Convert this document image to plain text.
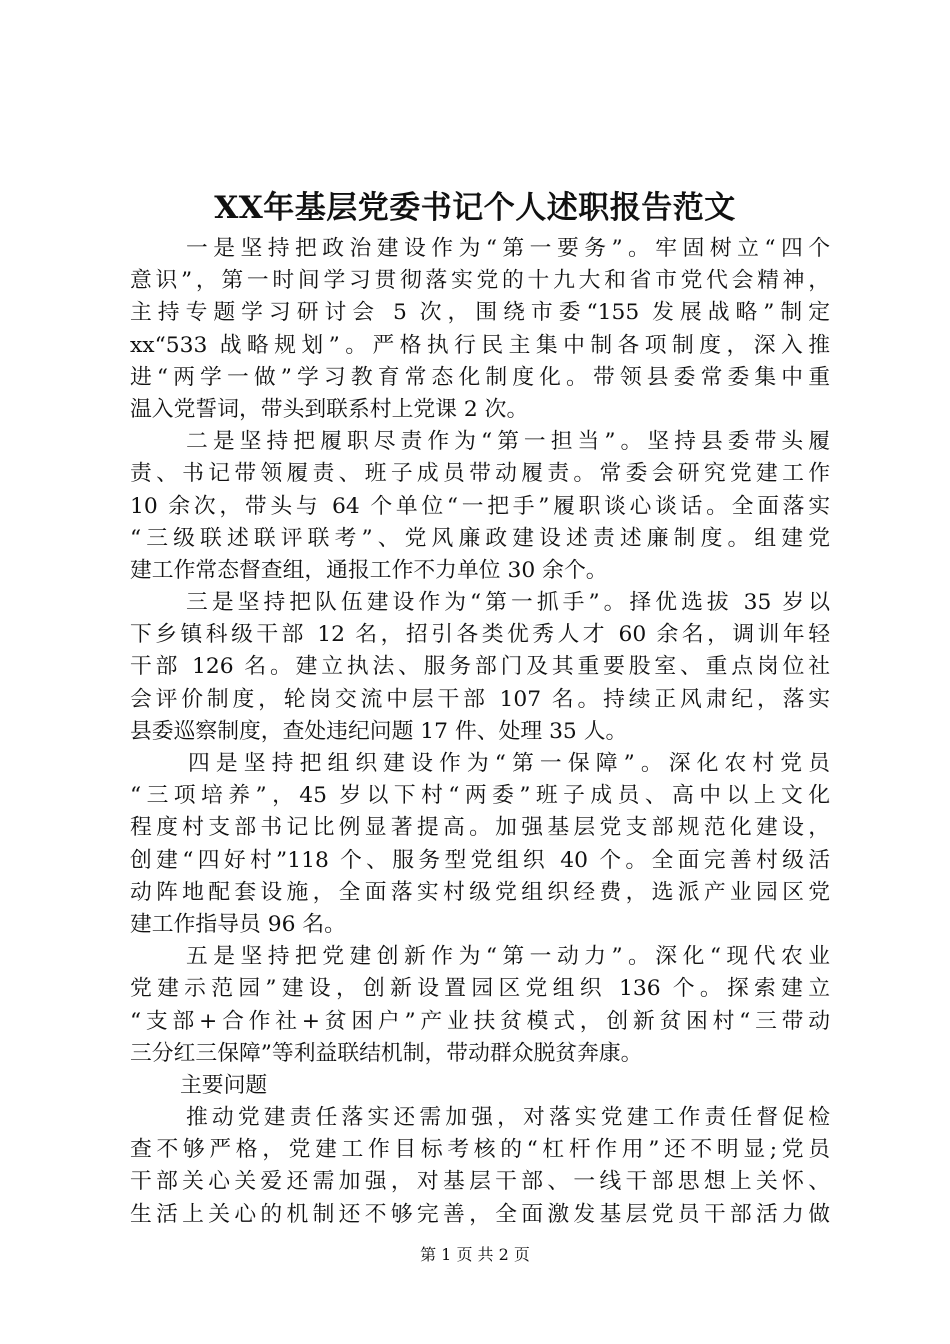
XX年基层党委书记个人述职报告范文
一是坚持把政治建设作为“第一要务”。牢固树立“四个
意识”，第一时间学习贯彻落实党的十九大和省市党代会精神，
主持专题学习研讨会 5 次，围绕市委“155 发展战略”制定
xx“533 战略规划”。严格执行民主集中制各项制度，深入推
进“两学一做”学习教育常态化制度化。带领县委常委集中重
温入党誓词，带头到联系村上党课 2 次。
二是坚持把履职尽责作为“第一担当”。坚持县委带头履
责、书记带领履责、班子成员带动履责。常委会研究党建工作
10 余次，带头与 64 个单位“一把手”履职谈心谈话。全面落实
“三级联述联评联考”、党风廉政建设述责述廉制度。组建党
建工作常态督查组，通报工作不力单位 30 余个。
三是坚持把队伍建设作为“第一抓手”。择优选拔 35 岁以
下乡镇科级干部 12 名，招引各类优秀人才 60 余名，调训年轻
干部 126 名。建立执法、服务部门及其重要股室、重点岗位社
会评价制度，轮岗交流中层干部 107 名。持续正风肃纪，落实
县委巡察制度，查处违纪问题 17 件、处理 35 人。
四是坚持把组织建设作为“第一保障”。深化农村党员
“三项培养”，45 岁以下村“两委”班子成员、高中以上文化
程度村支部书记比例显著提高。加强基层党支部规范化建设，
创建“四好村”118 个、服务型党组织 40 个。全面完善村级活
动阵地配套设施，全面落实村级党组织经费，选派产业园区党
建工作指导员 96 名。
五是坚持把党建创新作为“第一动力”。深化“现代农业
党建示范园”建设，创新设置园区党组织 136 个。探索建立
“支部+合作社+贫困户”产业扶贫模式，创新贫困村“三带动
三分红三保障”等利益联结机制，带动群众脱贫奔康。
主要问题
推动党建责任落实还需加强，对落实党建工作责任督促检
查不够严格，党建工作目标考核的“杠杆作用”还不明显;党员
干部关心关爱还需加强，对基层干部、一线干部思想上关怀、
生活上关心的机制还不够完善，全面激发基层党员干部活力做
第 1 页 共 2 页
